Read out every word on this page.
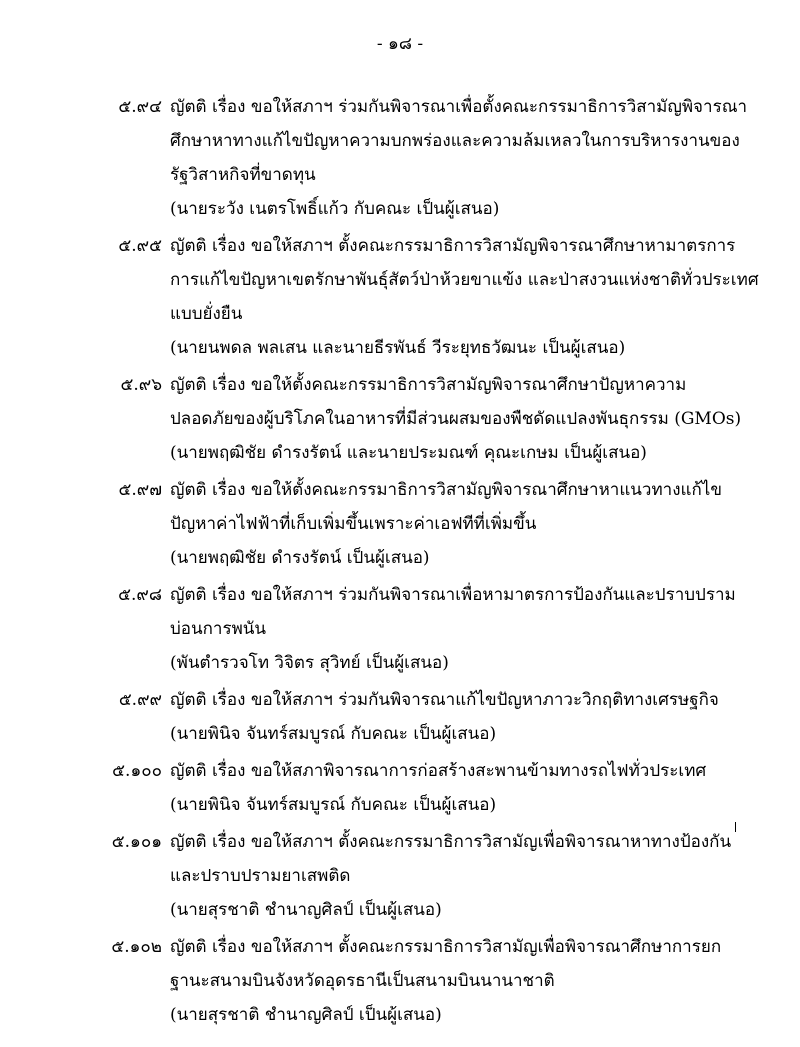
- ๑๘ -
๕.๙๔ ญัตติ เรื่อง ขอให้สภาฯ ร่วมกันพิจารณาเพื่อตั้งคณะกรรมาธิการวิสามัญพิจารณา
ศึกษาหาทางแก้ไขปัญหาความบกพร่องและความล้มเหลวในการบริหารงานของ
รัฐวิสาหกิจที่ขาดทุน
(นายระวัง เนตรโพธิ์แก้ว กับคณะ เป็นผู้เสนอ)
๕.๙๕ ญัตติ เรื่อง ขอให้สภาฯ ตั้งคณะกรรมาธิการวิสามัญพิจารณาศึกษาหามาตรการ
การแก้ไขปัญหาเขตรักษาพันธุ์สัตว์ป่าห้วยขาแข้ง และป่าสงวนแห่งชาติทั่วประเทศ
แบบยั่งยืน
(นายนพดล พลเสน และนายธีรพันธ์ วีระยุทธวัฒนะ เป็นผู้เสนอ)
๕.๙๖ ญัตติ เรื่อง ขอให้ตั้งคณะกรรมาธิการวิสามัญพิจารณาศึกษาปัญหาความ
ปลอดภัยของผู้บริโภคในอาหารที่มีส่วนผสมของพืชดัดแปลงพันธุกรรม (GMOs)
(นายพฤฒิชัย ดำรงรัตน์ และนายประมณฑ์ คุณะเกษม เป็นผู้เสนอ)
๕.๙๗ ญัตติ เรื่อง ขอให้ตั้งคณะกรรมาธิการวิสามัญพิจารณาศึกษาหาแนวทางแก้ไข
ปัญหาค่าไฟฟ้าที่เก็บเพิ่มขึ้นเพราะค่าเอฟทีที่เพิ่มขึ้น
(นายพฤฒิชัย ดำรงรัตน์ เป็นผู้เสนอ)
๕.๙๘ ญัตติ เรื่อง ขอให้สภาฯ ร่วมกันพิจารณาเพื่อหามาตรการป้องกันและปราบปราม
บ่อนการพนัน
(พันตำรวจโท วิจิตร สุวิทย์ เป็นผู้เสนอ)
๕.๙๙ ญัตติ เรื่อง ขอให้สภาฯ ร่วมกันพิจารณาแก้ไขปัญหาภาวะวิกฤติทางเศรษฐกิจ
(นายพินิจ จันทร์สมบูรณ์ กับคณะ เป็นผู้เสนอ)
๕.๑๐๐ ญัตติ เรื่อง ขอให้สภาพิจารณาการก่อสร้างสะพานข้ามทางรถไฟทั่วประเทศ
(นายพินิจ จันทร์สมบูรณ์ กับคณะ เป็นผู้เสนอ)
๕.๑๐๑ ญัตติ เรื่อง ขอให้สภาฯ ตั้งคณะกรรมาธิการวิสามัญเพื่อพิจารณาหาทางป้องกัน
และปราบปรามยาเสพติด
(นายสุรชาติ ชำนาญศิลป์ เป็นผู้เสนอ)
๕.๑๐๒ ญัตติ เรื่อง ขอให้สภาฯ ตั้งคณะกรรมาธิการวิสามัญเพื่อพิจารณาศึกษาการยก
ฐานะสนามบินจังหวัดอุดรธานีเป็นสนามบินนานาชาติ
(นายสุรชาติ ชำนาญศิลป์ เป็นผู้เสนอ)
